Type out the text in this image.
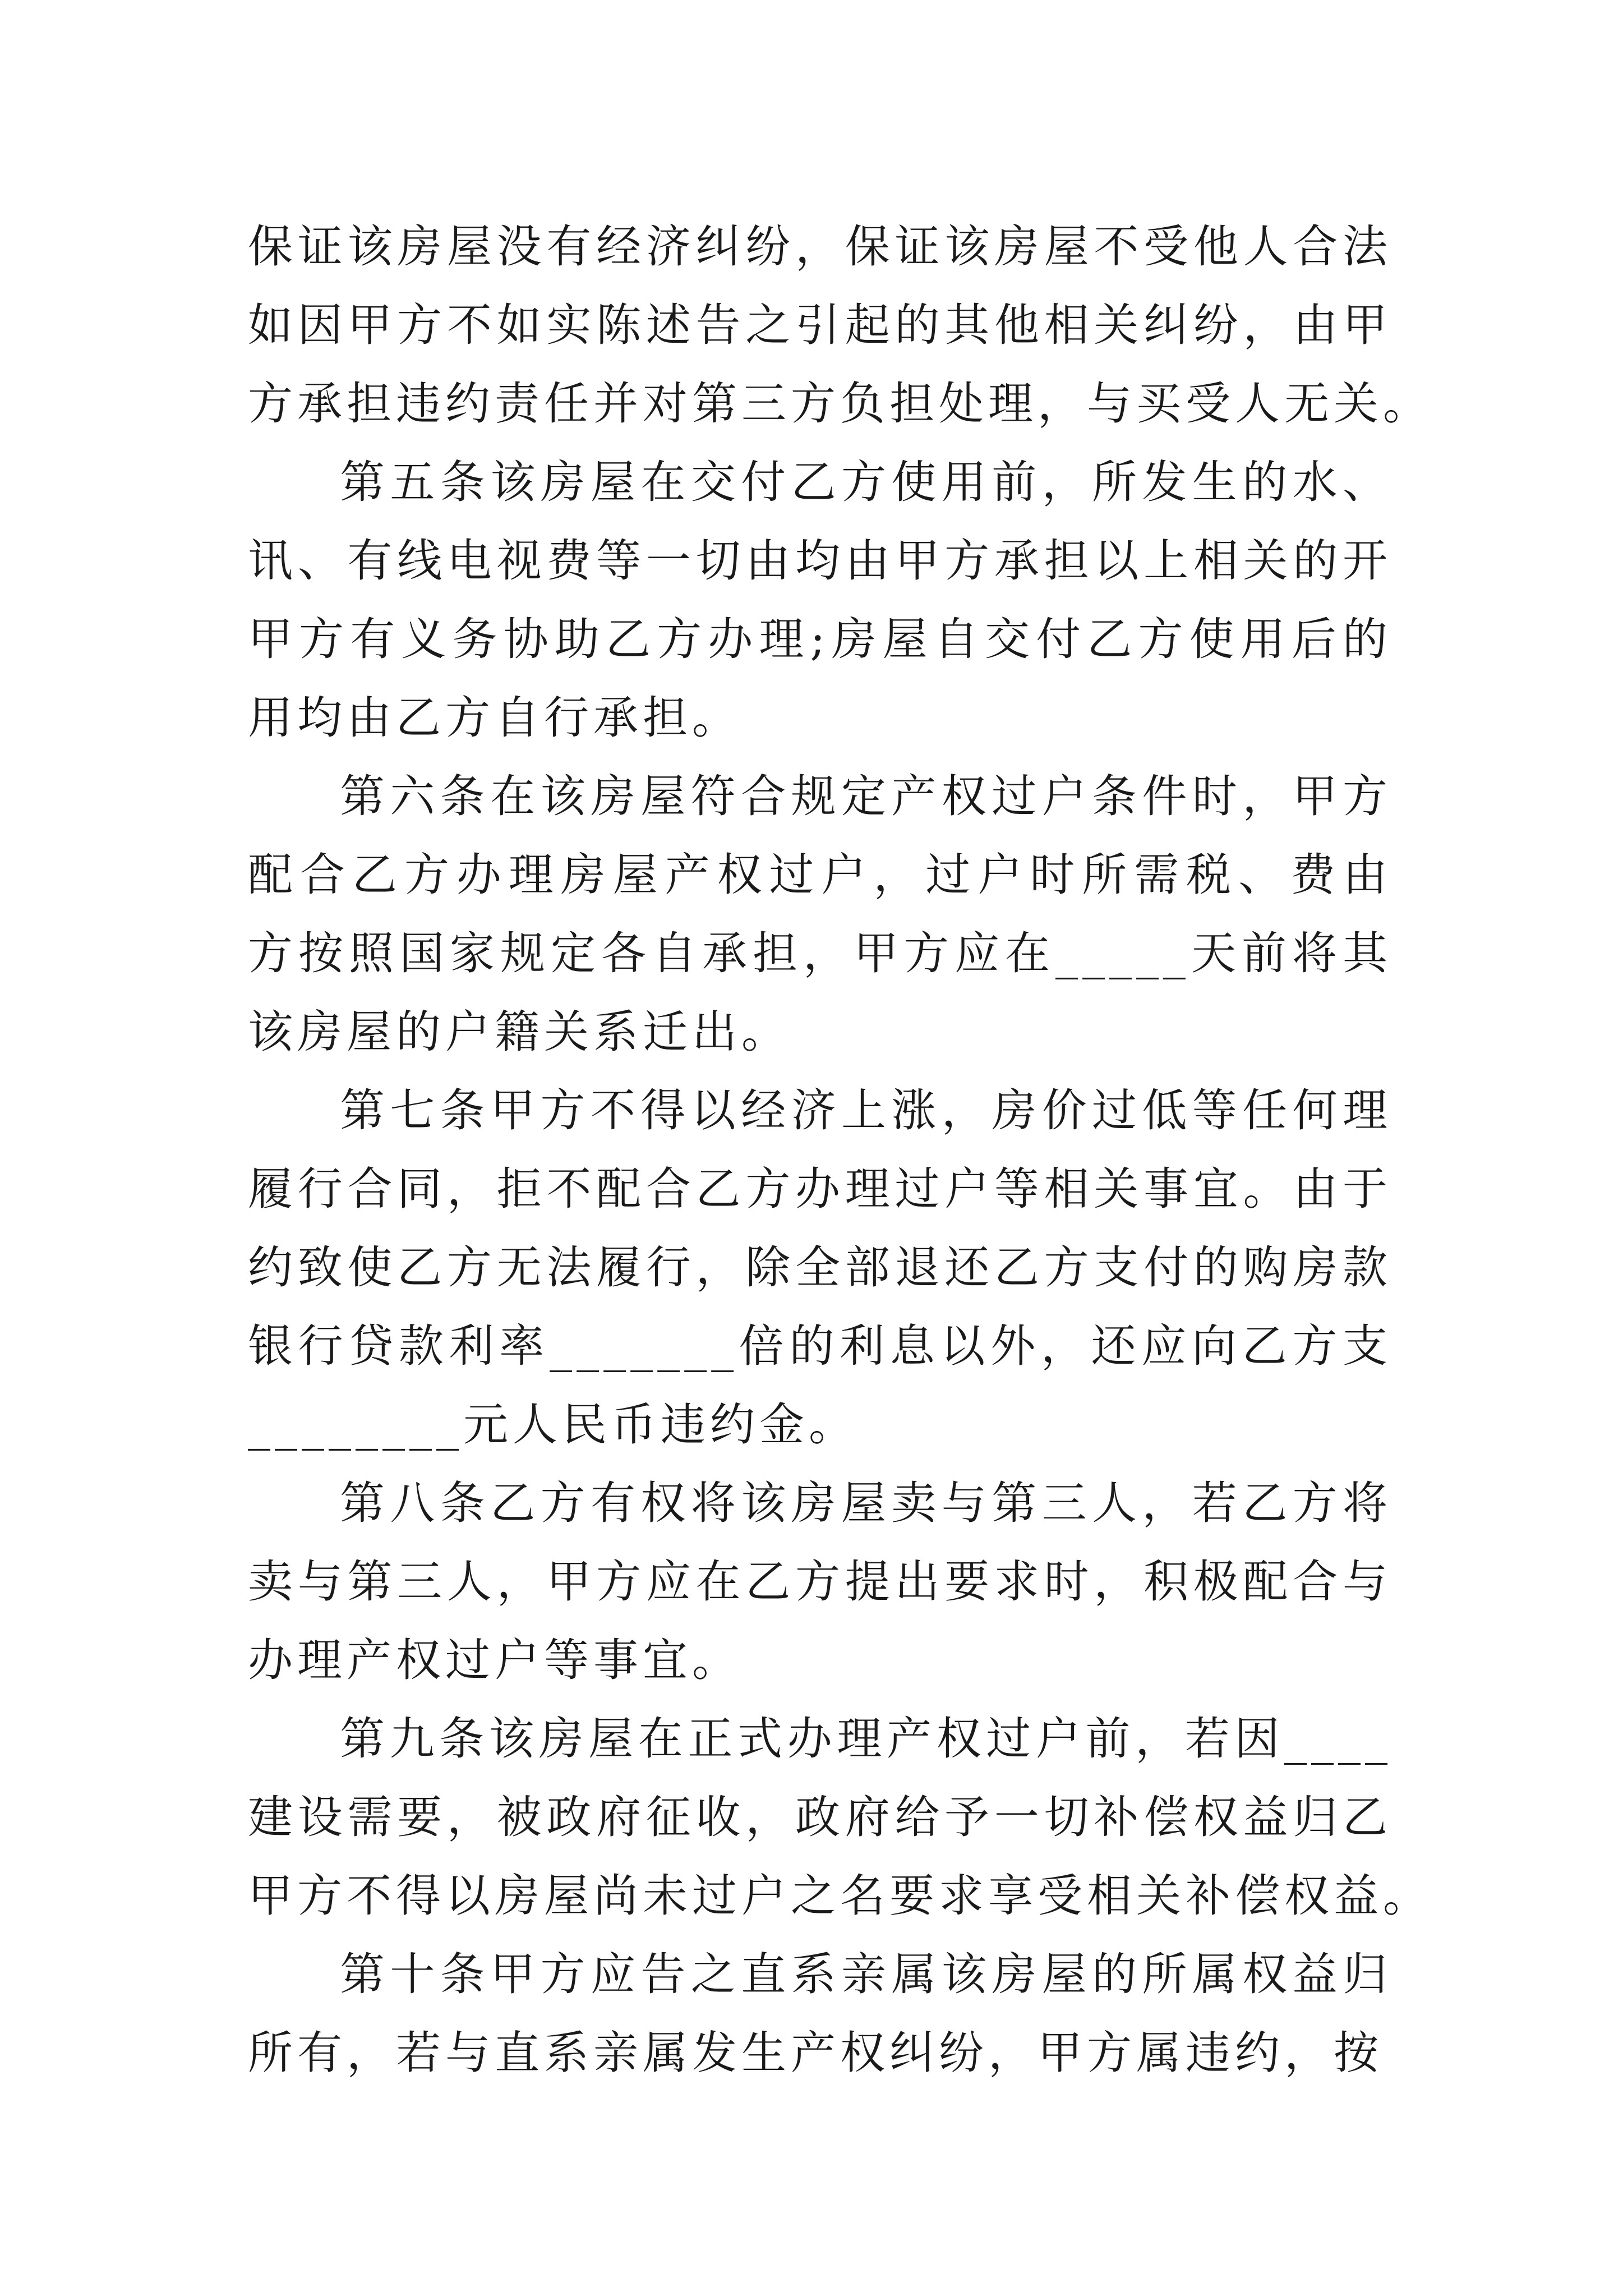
保证该房屋没有经济纠纷，保证该房屋不受他人合法
如因甲方不如实陈述告之引起的其他相关纠纷，由甲
方承担违约责任并对第三方负担处理，与买受人无关。
第五条该房屋在交付乙方使用前，所发生的水、
讯、有线电视费等一切由均由甲方承担以上相关的开
甲方有义务协助乙方办理;房屋自交付乙方使用后的
用均由乙方自行承担。
第六条在该房屋符合规定产权过户条件时，甲方
配合乙方办理房屋产权过户，过户时所需税、费由
方按照国家规定各自承担，甲方应在_____天前将其
该房屋的户籍关系迁出。
第七条甲方不得以经济上涨，房价过低等任何理
履行合同，拒不配合乙方办理过户等相关事宜。由于
约致使乙方无法履行，除全部退还乙方支付的购房款
银行贷款利率_______倍的利息以外，还应向乙方支
________元人民币违约金。
第八条乙方有权将该房屋卖与第三人，若乙方将
卖与第三人，甲方应在乙方提出要求时，积极配合与
办理产权过户等事宜。
第九条该房屋在正式办理产权过户前，若因____
建设需要，被政府征收，政府给予一切补偿权益归乙
甲方不得以房屋尚未过户之名要求享受相关补偿权益。
第十条甲方应告之直系亲属该房屋的所属权益归
所有，若与直系亲属发生产权纠纷，甲方属违约，按
